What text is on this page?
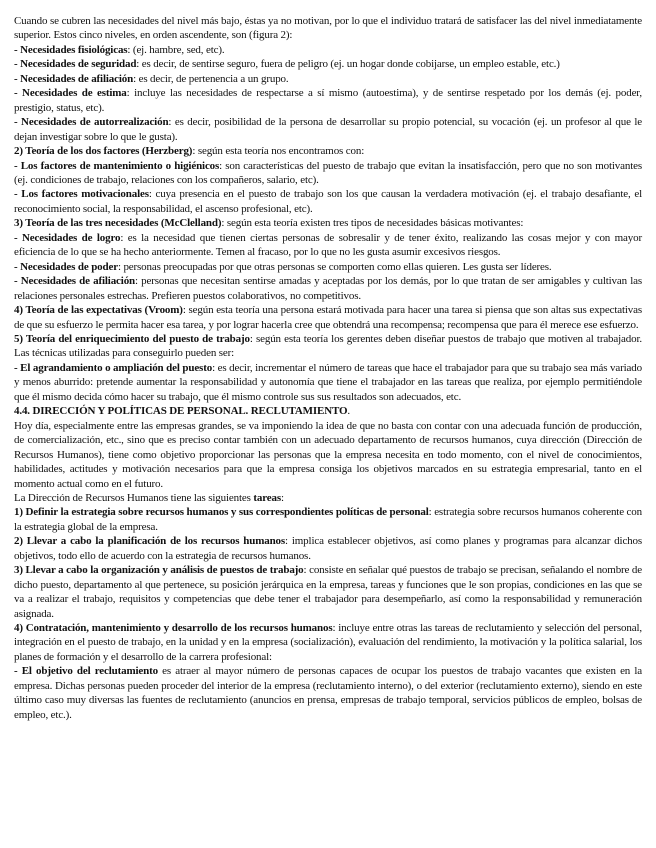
Cuando se cubren las necesidades del nivel más bajo, éstas ya no motivan, por lo que el individuo tratará de satisfacer las del nivel inmediatamente superior. Estos cinco niveles, en orden ascendente, son (figura 2):

- Necesidades fisiológicas: (ej. hambre, sed, etc).

- Necesidades de seguridad: es decir, de sentirse seguro, fuera de peligro (ej. un hogar donde cobijarse, un empleo estable, etc.)

- Necesidades de afiliación: es decir, de pertenencia a un grupo.

- Necesidades de estima: incluye las necesidades de respectarse a sí mismo (autoestima), y de sentirse respetado por los demás (ej. poder, prestigio, status, etc).

- Necesidades de autorrealización: es decir, posibilidad de la persona de desarrollar su propio potencial, su vocación (ej. un profesor al que le dejan investigar sobre lo que le gusta).

2) Teoría de los dos factores (Herzberg): según esta teoría nos encontramos con:

- Los factores de mantenimiento o higiénicos: son características del puesto de trabajo que evitan la insatisfacción, pero que no son motivantes (ej. condiciones de trabajo, relaciones con los compañeros, salario, etc).

- Los factores motivacionales: cuya presencia en el puesto de trabajo son los que causan la verdadera motivación (ej. el trabajo desafiante, el reconocimiento social, la responsabilidad, el ascenso profesional, etc).

3) Teoría de las tres necesidades (McClelland): según esta teoría existen tres tipos de necesidades básicas motivantes:

- Necesidades de logro: es la necesidad que tienen ciertas personas de sobresalir y de tener éxito, realizando las cosas mejor y con mayor eficiencia de lo que se ha hecho anteriormente. Temen al fracaso, por lo que no les gusta asumir excesivos riesgos.

- Necesidades de poder: personas preocupadas por que otras personas se comporten como ellas quieren. Les gusta ser líderes.

- Necesidades de afiliación: personas que necesitan sentirse amadas y aceptadas por los demás, por lo que tratan de ser amigables y cultivan las relaciones personales estrechas. Prefieren puestos colaborativos, no competitivos.

4) Teoría de las expectativas (Vroom): según esta teoría una persona estará motivada para hacer una tarea si piensa que son altas sus expectativas de que su esfuerzo le permita hacer esa tarea, y por lograr hacerla cree que obtendrá una recompensa; recompensa que para él merece ese esfuerzo.

5) Teoría del enriquecimiento del puesto de trabajo: según esta teoría los gerentes deben diseñar puestos de trabajo que motiven al trabajador. Las técnicas utilizadas para conseguirlo pueden ser:

- El agrandamiento o ampliación del puesto: es decir, incrementar el número de tareas que hace el trabajador para que su trabajo sea más variado y menos aburrido: pretende aumentar la responsabilidad y autonomía que tiene el trabajador en las tareas que realiza, por ejemplo permitiéndole que él mismo decida cómo hacer su trabajo, que él mismo controle sus sus resultados son adecuados, etc.

4.4. DIRECCIÓN Y POLÍTICAS DE PERSONAL. RECLUTAMIENTO.

Hoy día, especialmente entre las empresas grandes, se va imponiendo la idea de que no basta con contar con una adecuada función de producción, de comercialización, etc., sino que es preciso contar también con un adecuado departamento de recursos humanos, cuya dirección (Dirección de Recursos Humanos), tiene como objetivo proporcionar las personas que la empresa necesita en todo momento, con el nivel de conocimientos, habilidades, actitudes y motivación necesarios para que la empresa consiga los objetivos marcados en su estrategia empresarial, tanto en el momento actual como en el futuro.

La Dirección de Recursos Humanos tiene las siguientes tareas:

1) Definir la estrategia sobre recursos humanos y sus correspondientes políticas de personal: estrategia sobre recursos humanos coherente con la estrategia global de la empresa.

2) Llevar a cabo la planificación de los recursos humanos: implica establecer objetivos, así como planes y programas para alcanzar dichos objetivos, todo ello de acuerdo con la estrategia de recursos humanos.

3) Llevar a cabo la organización y análisis de puestos de trabajo: consiste en señalar qué puestos de trabajo se precisan, señalando el nombre de dicho puesto, departamento al que pertenece, su posición jerárquica en la empresa, tareas y funciones que le son propias, condiciones en las que se va a realizar el trabajo, requisitos y competencias que debe tener el trabajador para desempeñarlo, así como la responsabilidad y remuneración asignada.

4) Contratación, mantenimiento y desarrollo de los recursos humanos: incluye entre otras las tareas de reclutamiento y selección del personal, integración en el puesto de trabajo, en la unidad y en la empresa (socialización), evaluación del rendimiento, la motivación y la política salarial, los planes de formación y el desarrollo de la carrera profesional:

- El objetivo del reclutamiento es atraer al mayor número de personas capaces de ocupar los puestos de trabajo vacantes que existen en la empresa. Dichas personas pueden proceder del interior de la empresa (reclutamiento interno), o del exterior (reclutamiento externo), siendo en este último caso muy diversas las fuentes de reclutamiento (anuncios en prensa, empresas de trabajo temporal, servicios públicos de empleo, bolsas de empleo, etc.).
